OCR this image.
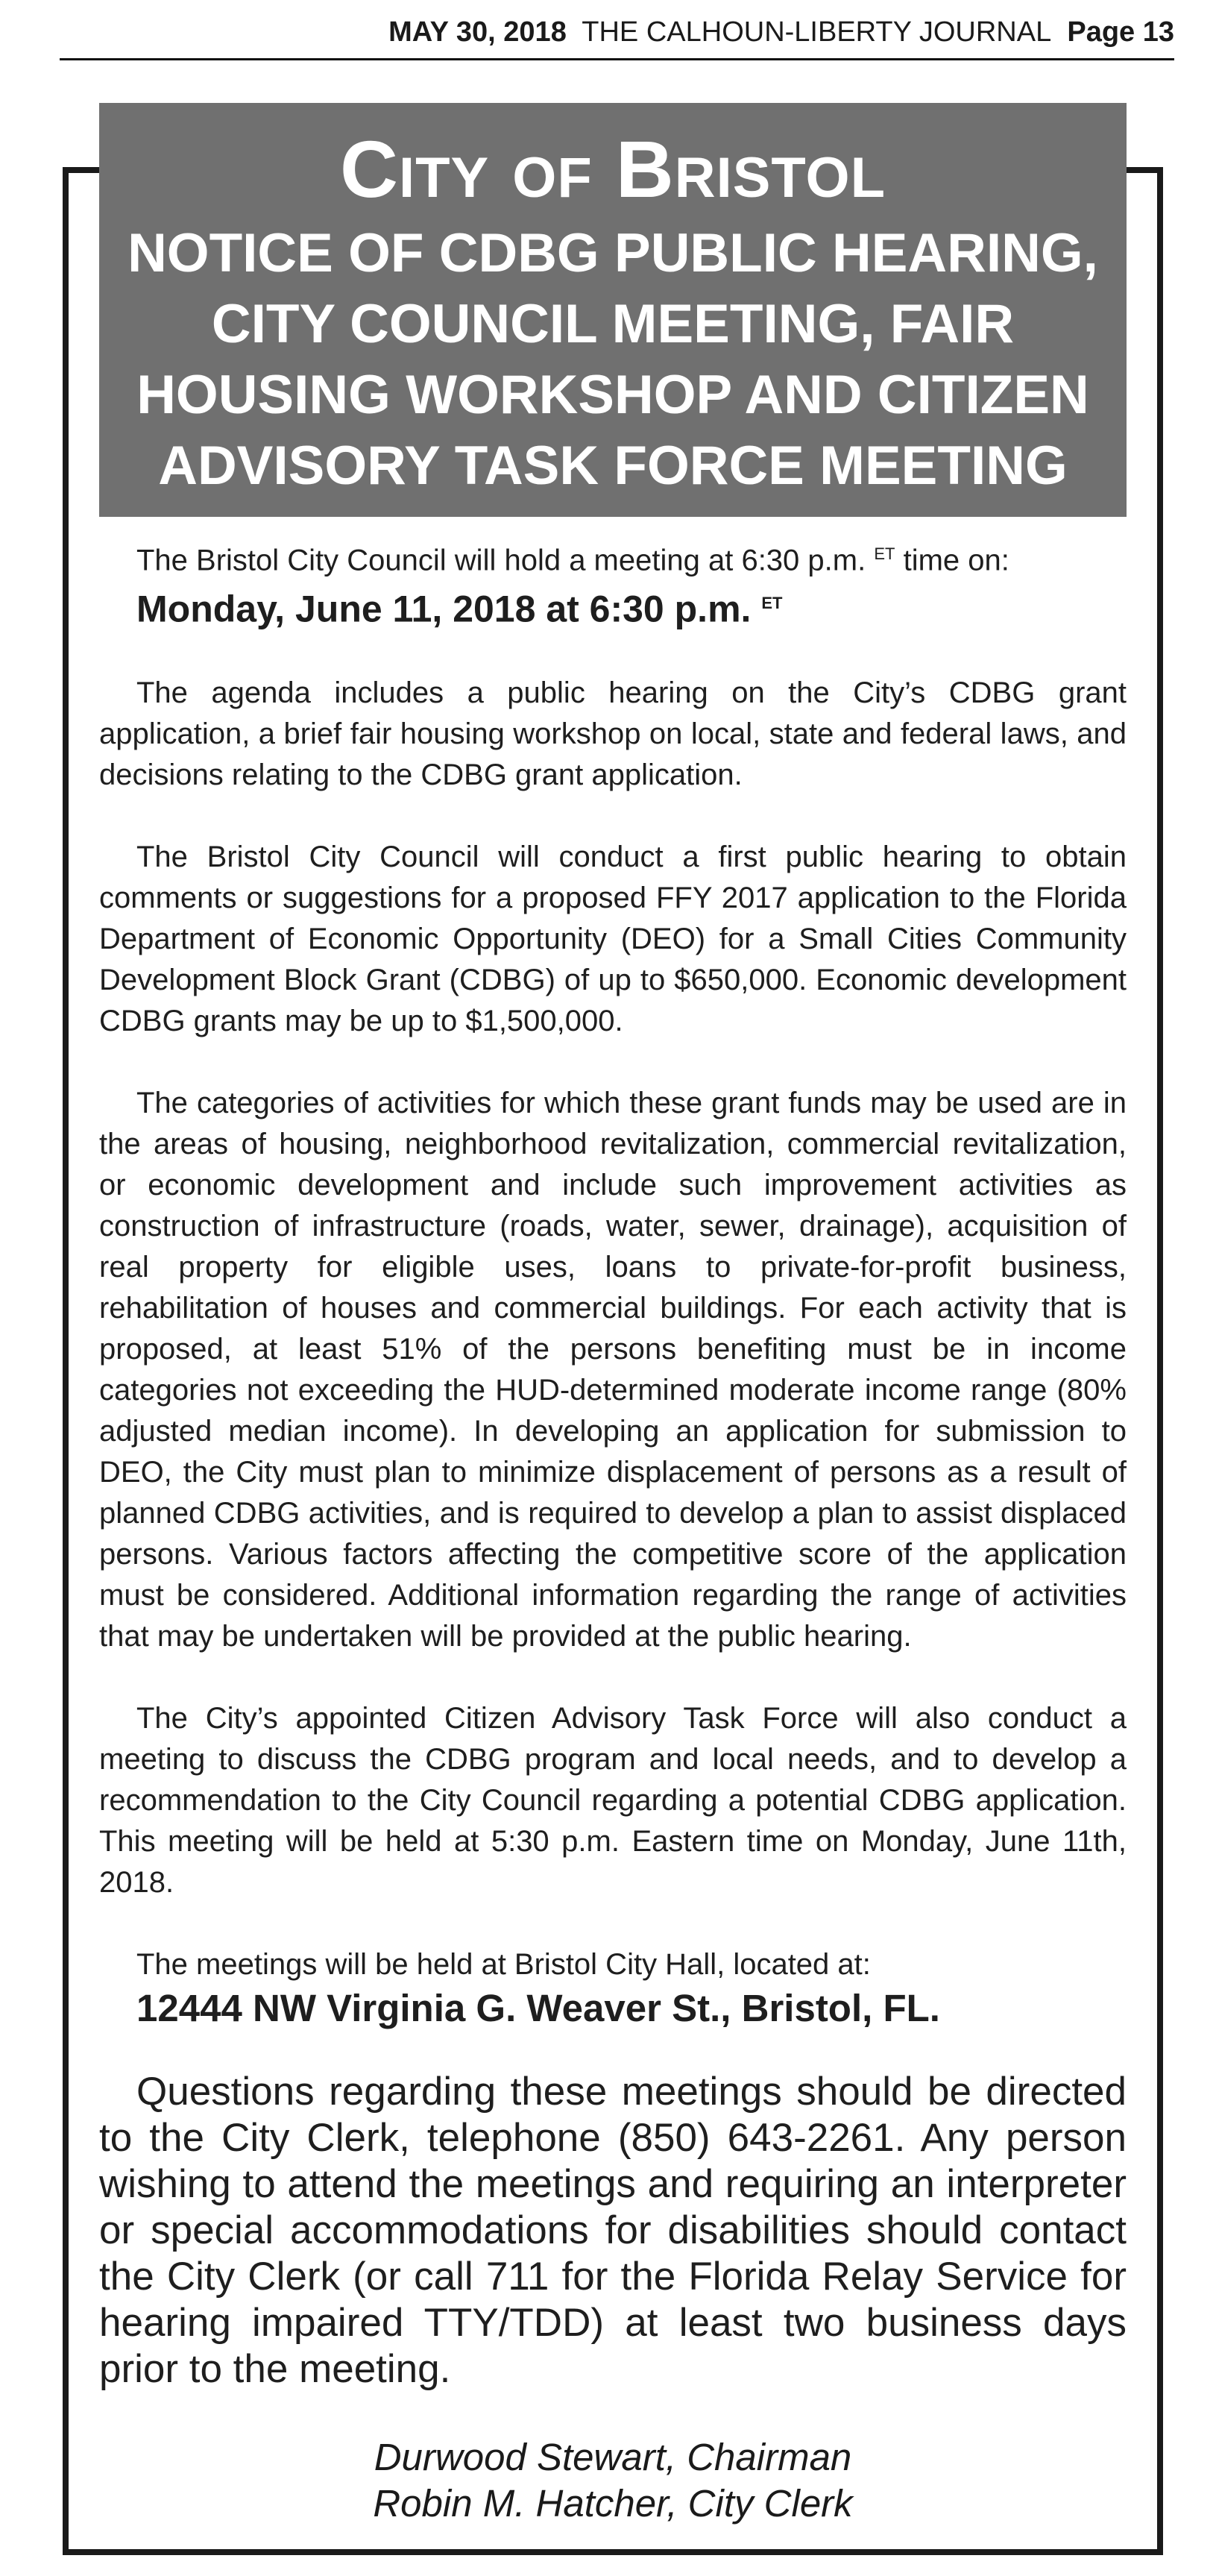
MAY 30, 2018 THE CALHOUN-LIBERTY JOURNAL Page 13
City of Bristol
NOTICE OF CDBG PUBLIC HEARING,
CITY COUNCIL MEETING, FAIR
HOUSING WORKSHOP AND CITIZEN
ADVISORY TASK FORCE MEETING

The Bristol City Council will hold a meeting at 6:30 p.m. $^{ET}$ time on:

Monday, June 11, 2018 at 6:30 p.m. $^{ET}$

The agenda includes a public hearing on the City’s CDBG grant application, a brief fair housing workshop on local, state and federal laws, and decisions relating to the CDBG grant application.

The Bristol City Council will conduct a first public hearing to obtain comments or suggestions for a proposed FFY 2017 application to the Florida Department of Economic Opportunity (DEO) for a Small Cities Community Development Block Grant (CDBG) of up to $650,000. Economic development CDBG grants may be up to $1,500,000.

The categories of activities for which these grant funds may be used are in the areas of housing, neighborhood revitalization, commercial revitalization, or economic development and include such improvement activities as construction of infrastructure (roads, water, sewer, drainage), acquisition of real property for eligible uses, loans to private-for-profit business, rehabilitation of houses and commercial buildings. For each activity that is proposed, at least 51% of the persons benefiting must be in income categories not exceeding the HUD-determined moderate income range (80% adjusted median income). In developing an application for submission to DEO, the City must plan to minimize displacement of persons as a result of planned CDBG activities, and is required to develop a plan to assist displaced persons. Various factors affecting the competitive score of the application must be considered. Additional information regarding the range of activities that may be undertaken will be provided at the public hearing.

The City’s appointed Citizen Advisory Task Force will also conduct a meeting to discuss the CDBG program and local needs, and to develop a recommendation to the City Council regarding a potential CDBG application. This meeting will be held at 5:30 p.m. Eastern time on Monday, June 11th, 2018.

The meetings will be held at Bristol City Hall, located at:

12444 NW Virginia G. Weaver St., Bristol, FL.

Questions regarding these meetings should be directed to the City Clerk, telephone (850) 643-2261. Any person wishing to attend the meetings and requiring an interpreter or special accommodations for disabilities should contact the City Clerk (or call 711 for the Florida Relay Service for hearing impaired TTY/TDD) at least two business days prior to the meeting.

Durwood Stewart, Chairman
Robin M. Hatcher, City Clerk
